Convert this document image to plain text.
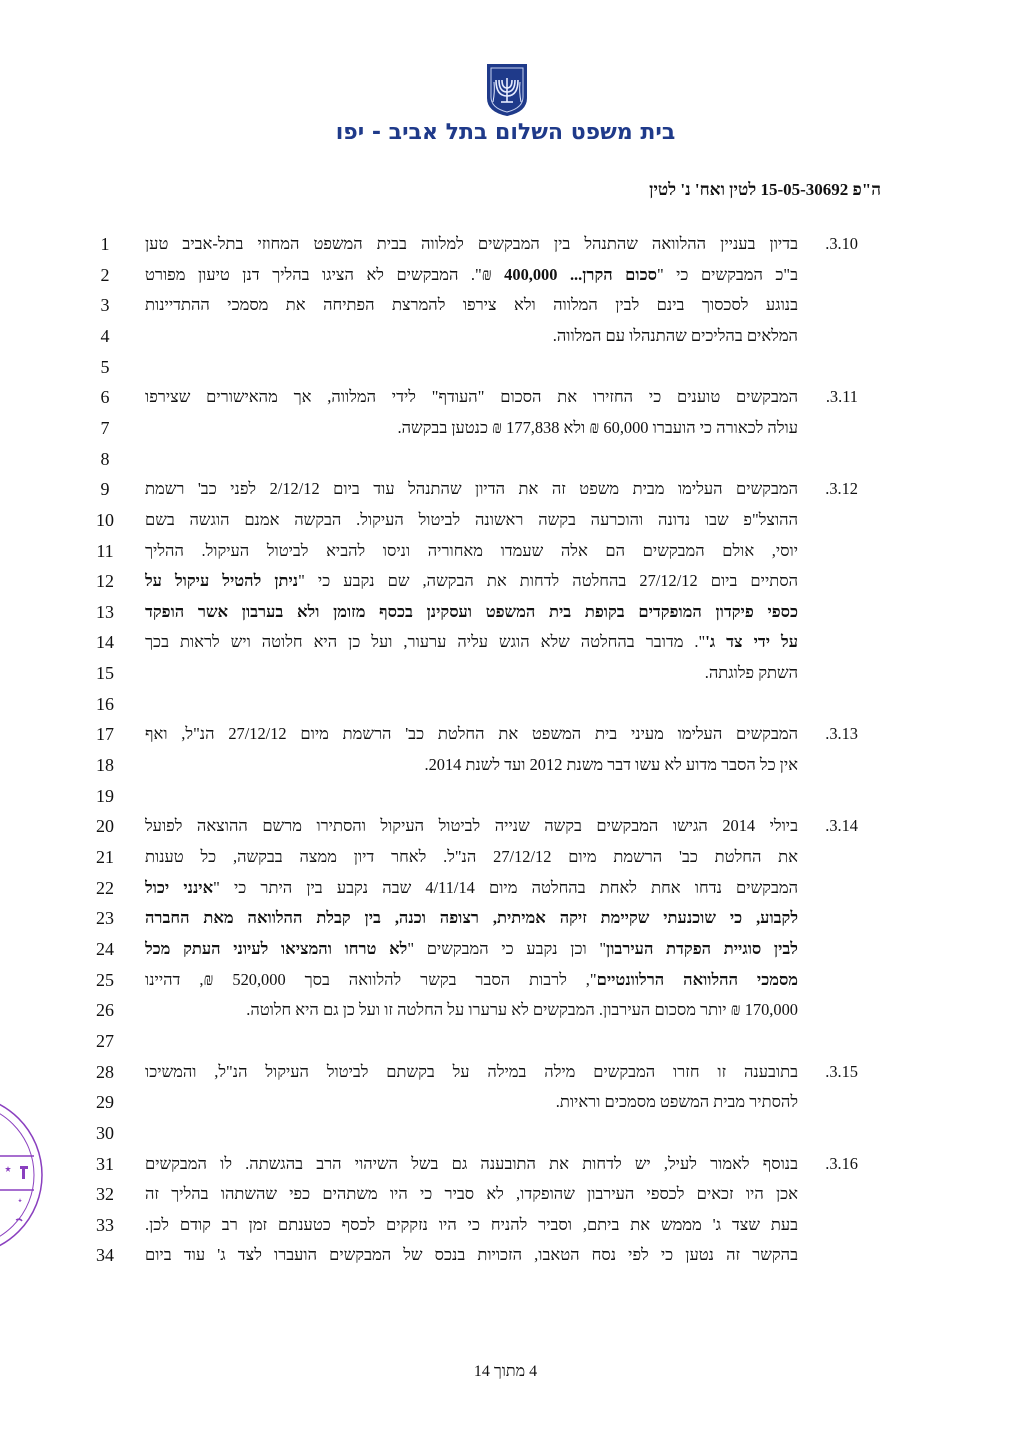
בית משפט השלום בתל אביב - יפו
ה"פ 15-05-30692 לטין ואח' נ' לטין
1	3.10.
בדיון בעניין ההלוואה שהתנהל בין המבקשים למלווה בבית המשפט המחוזי בתל-אביב טען
2	ב"כ המבקשים כי "סכום הקרן... 400,000 ₪". המבקשים לא הציגו בהליך דנן טיעון מפורט
3	בנוגע לסכסוך בינם לבין המלווה ולא צירפו להמרצת הפתיחה את מסמכי ההתדיינות
4	המלאים בהליכים שהתנהלו עם המלווה.
5
6	3.11.
המבקשים טוענים כי החזירו את הסכום "העודף" לידי המלווה, אך מהאישורים שצירפו
7	עולה לכאורה כי הועברו 60,000 ₪ ולא 177,838 ₪ כנטען בבקשה.
8
9	3.12.
המבקשים העלימו מבית משפט זה את הדיון שהתנהל עוד ביום 2/12/12 לפני כב' רשמת
10	ההוצל"פ שבו נדונה והוכרעה בקשה ראשונה לביטול העיקול. הבקשה אמנם הוגשה בשם
11	יוסי, אולם המבקשים הם אלה שעמדו מאחוריה וניסו להביא לביטול העיקול. ההליך
12	הסתיים ביום 27/12/12 בהחלטה לדחות את הבקשה, שם נקבע כי "ניתן להטיל עיקול על
13	כספי פיקדון המופקדים בקופת בית המשפט ועסקינן בכסף מזומן ולא בערבון אשר הופקד
14	על ידי צד ג'". מדובר בהחלטה שלא הוגש עליה ערעור, ועל כן היא חלוטה ויש לראות בכך
15	השתק פלוגתה.
16
17	3.13.
המבקשים העלימו מעיני בית המשפט את החלטת כב' הרשמת מיום 27/12/12 הנ"ל, ואף
18	אין כל הסבר מדוע לא עשו דבר משנת 2012 ועד לשנת 2014.
19
20	3.14.
ביולי 2014 הגישו המבקשים בקשה שנייה לביטול העיקול והסתירו מרשם ההוצאה לפועל
21	את החלטת כב' הרשמת מיום 27/12/12 הנ"ל. לאחר דיון ממצה בבקשה, כל טענות
22	המבקשים נדחו אחת לאחת בהחלטה מיום 4/11/14 שבה נקבע בין היתר כי "אינני יכול
23	לקבוע, כי שוכנעתי שקיימת זיקה אמיתית, רצופה וכנה, בין קבלת ההלוואה מאת החברה
24	לבין סוגיית הפקדת העירבון" וכן נקבע כי המבקשים "לא טרחו והמציאו לעיוני העתק מכל
25	מסמכי ההלוואה הרלוונטיים", לרבות הסבר בקשר להלוואה בסך 520,000 ₪, דהיינו
26	170,000 ₪ יותר מסכום העירבון. המבקשים לא ערערו על החלטה זו ועל כן גם היא חלוטה.
27
28	3.15.
בתובענה זו חזרו המבקשים מילה במילה על בקשתם לביטול העיקול הנ"ל, והמשיכו
29	להסתיר מבית המשפט מסמכים וראיות.
30
31	3.16.
בנוסף לאמור לעיל, יש לדחות את התובענה גם בשל השיהוי הרב בהגשתה. לו המבקשים
32	אכן היו זכאים לכספי העירבון שהופקדו, לא סביר כי היו משתהים כפי שהשתהו בהליך זה
33	בעת שצד ג' מממש את ביתם, וסביר להניח כי היו נזקקים לכסף כטענתם זמן רב קודם לכן.
34	בהקשר זה נטען כי לפי נסח הטאבו, הזכויות בנכס של המבקשים הועברו לצד ג' עוד ביום
4 מתוך 14
